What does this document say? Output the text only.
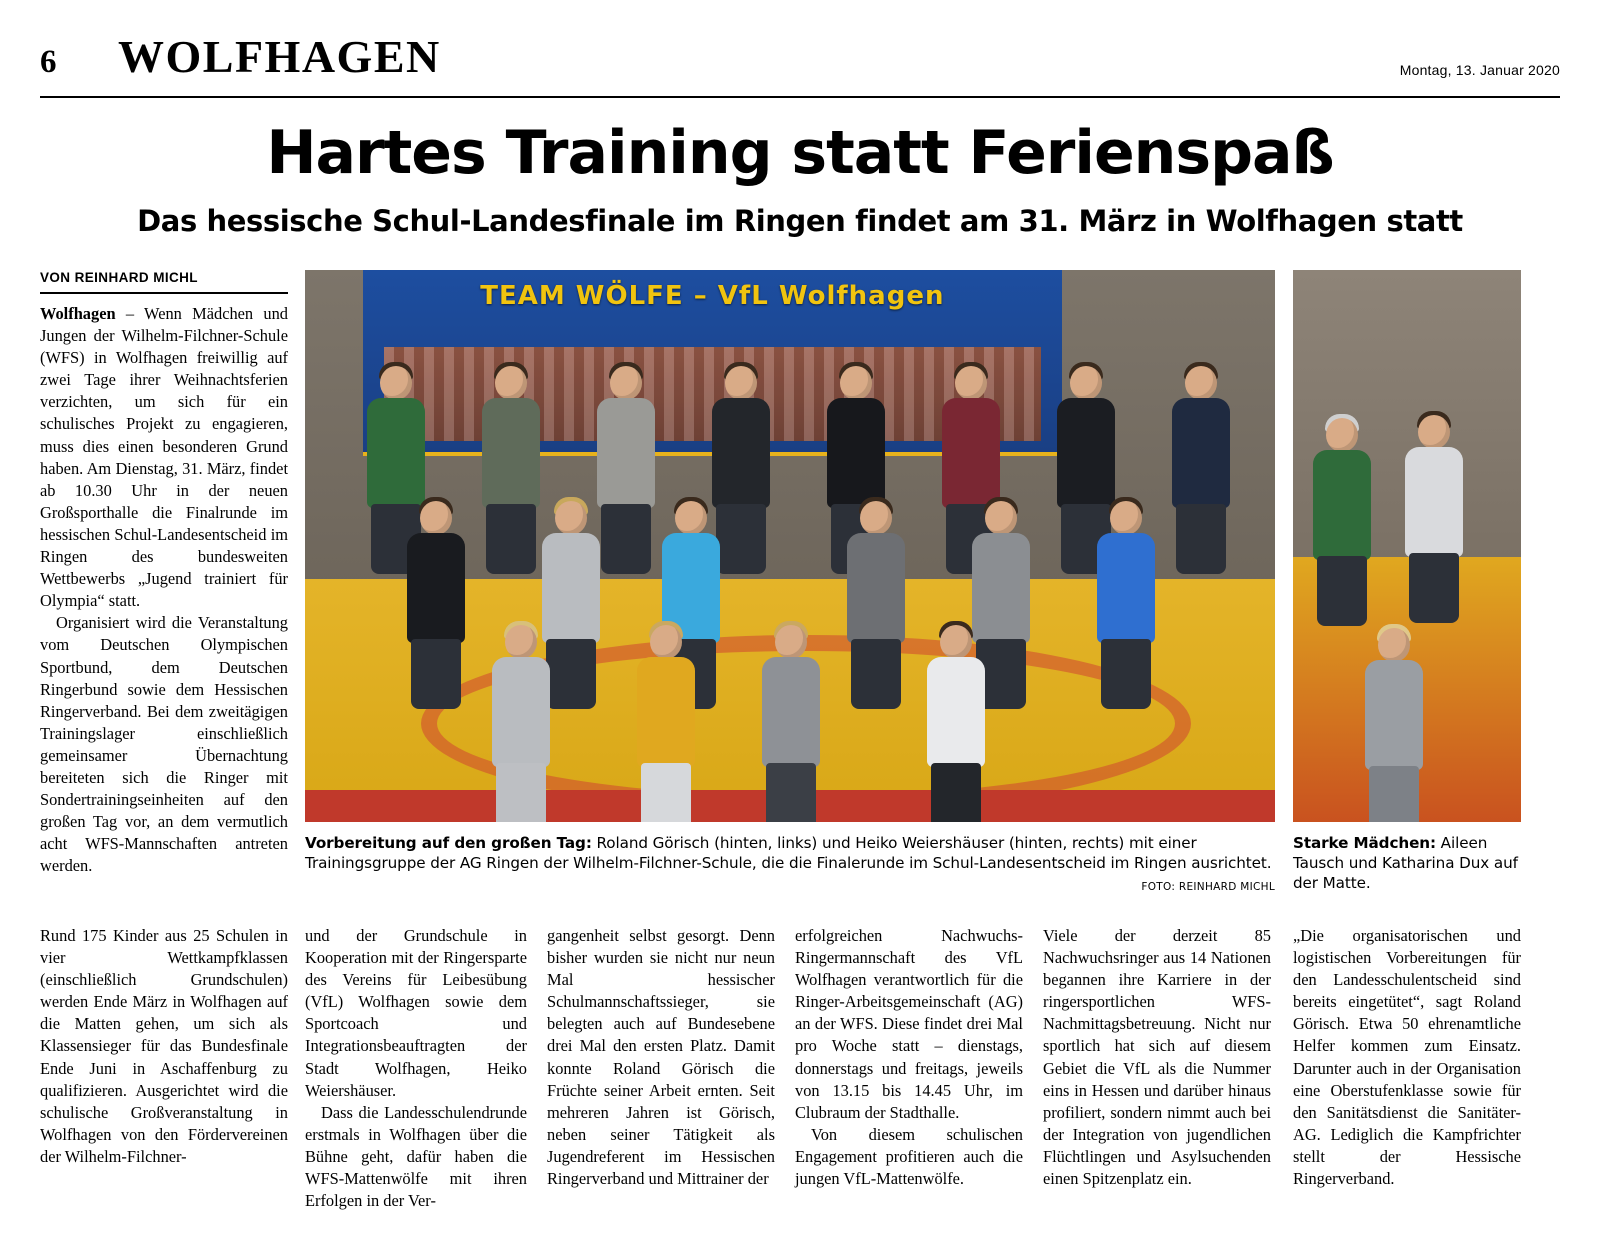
6 WOLFHAGEN	Montag, 13. Januar 2020
Hartes Training statt Ferienspaß
Das hessische Schul-Landesfinale im Ringen findet am 31. März in Wolfhagen statt
VON REINHARD MICHL

Wolfhagen – Wenn Mädchen und Jungen der Wilhelm-Filchner-Schule (WFS) in Wolfhagen freiwillig auf zwei Tage ihrer Weihnachtsferien verzichten, um sich für ein schulisches Projekt zu engagieren, muss dies einen besonderen Grund haben. Am Dienstag, 31. März, findet ab 10.30 Uhr in der neuen Großsporthalle die Finalrunde im hessischen Schul-Landesentscheid im Ringen des bundesweiten Wettbewerbs „Jugend trainiert für Olympia“ statt.

Organisiert wird die Veranstaltung vom Deutschen Olympischen Sportbund, dem Deutschen Ringerbund sowie dem Hessischen Ringerverband. Bei dem zweitägigen Trainingslager einschließlich gemeinsamer Übernachtung bereiteten sich die Ringer mit Sondertrainingseinheiten auf den großen Tag vor, an dem vermutlich acht WFS-Mannschaften antreten werden.

TEAM WÖLFE – VfL Wolfhagen
Vorbereitung auf den großen Tag: Roland Görisch (hinten, links) und Heiko Weiershäuser (hinten, rechts) mit einer Trainingsgruppe der AG Ringen der Wilhelm-Filchner-Schule, die die Finalerunde im Schul-Landesentscheid im Ringen ausrichtet.
FOTO: REINHARD MICHL
Starke Mädchen: Aileen Tausch und Katharina Dux auf der Matte.

Rund 175 Kinder aus 25 Schulen in vier Wettkampfklassen (einschließlich Grundschulen) werden Ende März in Wolfhagen auf die Matten gehen, um sich als Klassensieger für das Bundesfinale Ende Juni in Aschaffenburg zu qualifizieren. Ausgerichtet wird die schulische Großveranstaltung in Wolfhagen von den Fördervereinen der Wilhelm-Filchner-

und der Grundschule in Kooperation mit der Ringersparte des Vereins für Leibesübung (VfL) Wolfhagen sowie dem Sportcoach und Integrationsbeauftragten der Stadt Wolfhagen, Heiko Weiershäuser.

Dass die Landesschulendrunde erstmals in Wolfhagen über die Bühne geht, dafür haben die WFS-Mattenwölfe mit ihren Erfolgen in der Ver-

gangenheit selbst gesorgt. Denn bisher wurden sie nicht nur neun Mal hessischer Schulmannschaftssieger, sie belegten auch auf Bundesebene drei Mal den ersten Platz. Damit konnte Roland Görisch die Früchte seiner Arbeit ernten. Seit mehreren Jahren ist Görisch, neben seiner Tätigkeit als Jugendreferent im Hessischen Ringerverband und Mittrainer der

erfolgreichen Nachwuchs-Ringermannschaft des VfL Wolfhagen verantwortlich für die Ringer-Arbeitsgemeinschaft (AG) an der WFS. Diese findet drei Mal pro Woche statt – dienstags, donnerstags und freitags, jeweils von 13.15 bis 14.45 Uhr, im Clubraum der Stadthalle.

Von diesem schulischen Engagement profitieren auch die jungen VfL-Mattenwölfe.

Viele der derzeit 85 Nachwuchsringer aus 14 Nationen begannen ihre Karriere in der ringersportlichen WFS-Nachmittagsbetreuung. Nicht nur sportlich hat sich auf diesem Gebiet die VfL als die Nummer eins in Hessen und darüber hinaus profiliert, sondern nimmt auch bei der Integration von jugendlichen Flüchtlingen und Asylsuchenden einen Spitzenplatz ein.

„Die organisatorischen und logistischen Vorbereitungen für den Landesschulentscheid sind bereits eingetütet“, sagt Roland Görisch. Etwa 50 ehrenamtliche Helfer kommen zum Einsatz. Darunter auch in der Organisation eine Oberstufenklasse sowie für den Sanitätsdienst die Sanitäter-AG. Lediglich die Kampfrichter stellt der Hessische Ringerverband.
